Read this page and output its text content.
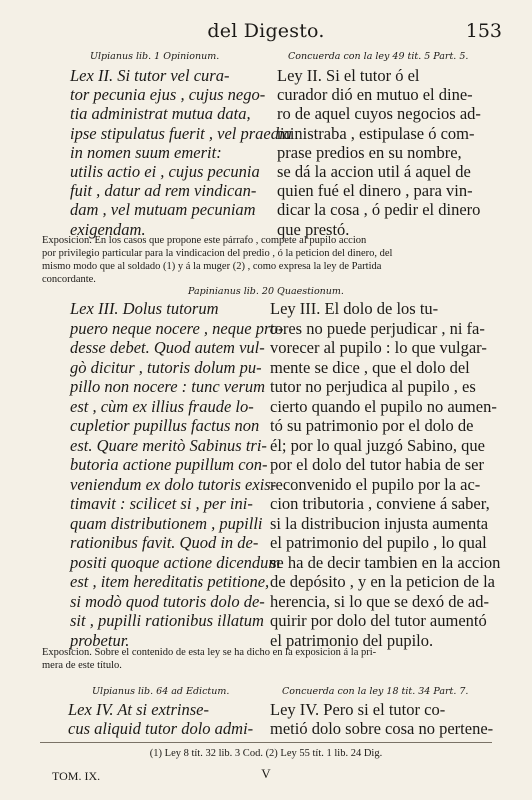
del Digesto.	153
Ulpianus lib. 1 Opinionum.	Concuerda con la ley 49 tit. 5 Part. 5.
Lex II. Si tutor vel cura-
tor pecunia ejus , cujus nego-
tia administrat mutua data,
ipse stipulatus fuerit , vel praedia
in nomen suum emerit:
utilis actio ei , cujus pecunia
fuit , datur ad rem vindican-
dam , vel mutuam pecuniam
exigendam.
Ley II. Si el tutor ó el
curador dió en mutuo el dine-
ro de aquel cuyos negocios ad-
ministraba , estipulase ó com-
prase predios en su nombre,
se dá la accion util á aquel de
quien fué el dinero , para vin-
dicar la cosa , ó pedir el dinero
que prestó.
Exposicion. En los casos que propone este párrafo , compete al pupilo accion
por privilegio particular para la vindicacion del predio , ó la peticion del dinero, del
mismo modo que al soldado (1) y á la muger (2) , como expresa la ley de Partida
concordante.
Papinianus lib. 20 Quaestionum.
Lex III. Dolus tutorum
puero neque nocere , neque pro-
desse debet. Quod autem vul-
gò dicitur , tutoris dolum pu-
pillo non nocere : tunc verum
est , cùm ex illius fraude lo-
cupletior pupillus factus non
est. Quare meritò Sabinus tri-
butoria actione pupillum con-
veniendum ex dolo tutoris exis-
timavit : scilicet si , per ini-
quam distributionem , pupilli
rationibus favit. Quod in de-
positi quoque actione dicendum
est , item hereditatis petitione,
si modò quod tutoris dolo de-
sit , pupilli rationibus illatum
probetur.
Ley III. El dolo de los tu-
tores no puede perjudicar , ni fa-
vorecer al pupilo : lo que vulgar-
mente se dice , que el dolo del
tutor no perjudica al pupilo , es
cierto quando el pupilo no aumen-
tó su patrimonio por el dolo de
él; por lo qual juzgó Sabino, que
por el dolo del tutor habia de ser
reconvenido el pupilo por la ac-
cion tributoria , conviene á saber,
si la distribucion injusta aumenta
el patrimonio del pupilo , lo qual
se ha de decir tambien en la accion
de depósito , y en la peticion de la
herencia, si lo que se dexó de ad-
quirir por dolo del tutor aumentó
el patrimonio del pupilo.
Exposicion. Sobre el contenido de esta ley se ha dicho en la exposicion á la pri-
mera de este título.
Ulpianus lib. 64 ad Edictum.	Concuerda con la ley 18 tit. 34 Part. 7.
Lex IV. At si extrinse-
cus aliquid tutor dolo admi-
Ley IV. Pero si el tutor co-
metió dolo sobre cosa no pertene-
(1) Ley 8 tít. 32 lib. 3 Cod. (2) Ley 55 tít. 1 lib. 24 Dig.
TOM. IX.	V
